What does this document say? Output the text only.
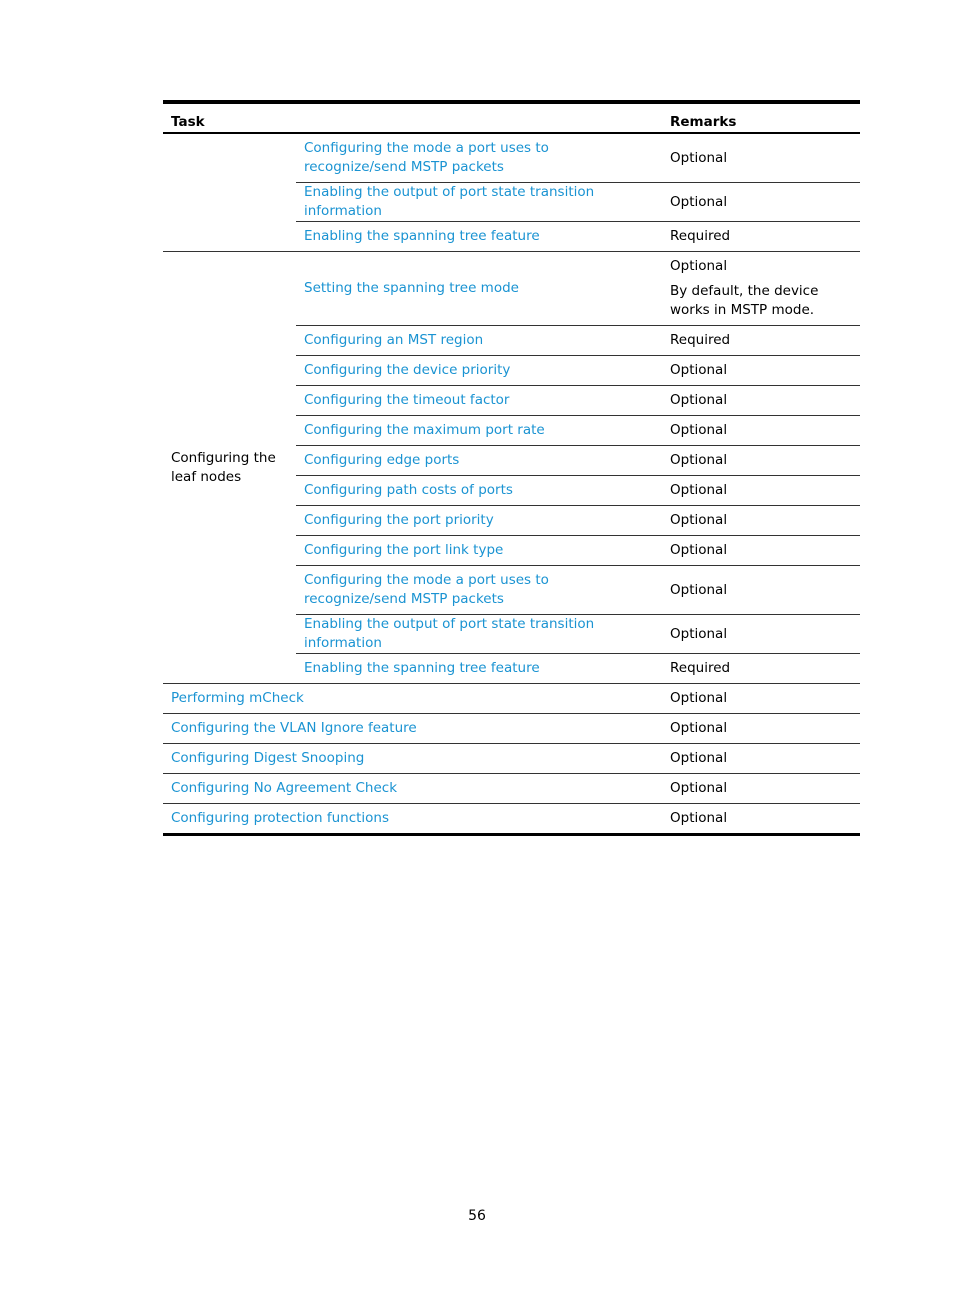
Task		Remarks
	Configuring the mode a port uses to recognize/send MSTP packets	Optional
	Enabling the output of port state transition information	Optional
	Enabling the spanning tree feature	Required
Configuring the leaf nodes	Setting the spanning tree mode	Optional
By default, the device works in MSTP mode.

	Configuring an MST region	Required
	Configuring the device priority	Optional
	Configuring the timeout factor	Optional
	Configuring the maximum port rate	Optional
	Configuring edge ports	Optional
	Configuring path costs of ports	Optional
	Configuring the port priority	Optional
	Configuring the port link type	Optional
	Configuring the mode a port uses to recognize/send MSTP packets	Optional
	Enabling the output of port state transition information	Optional
	Enabling the spanning tree feature	Required
Performing mCheck		Optional
Configuring the VLAN Ignore feature		Optional
Configuring Digest Snooping		Optional
Configuring No Agreement Check		Optional
Configuring protection functions		Optional
56
